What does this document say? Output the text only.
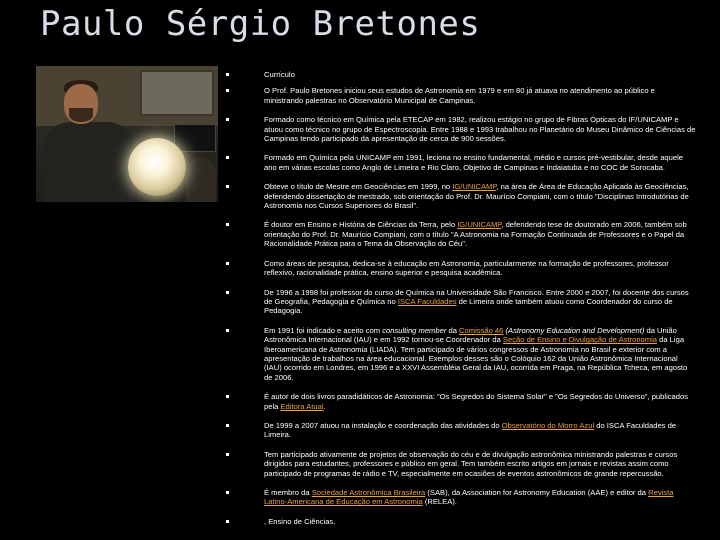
Paulo Sérgio Bretones
Currículo
O Prof. Paulo Bretones iniciou seus estudos de Astronomia em 1979 e em 80 já atuava no atendimento ao público e ministrando palestras no Observatório Municipal de Campinas.
Formado como técnico em Química pela ETECAP em 1982, realizou estágio no grupo de Fibras Ópticas do IF/UNICAMP e atuou como técnico no grupo de Espectroscopia. Entre 1988 e 1993 trabalhou no Planetário do Museu Dinâmico de Ciências de Campinas tendo participado da apresentação de cerca de 900 sessões.
Formado em Química pela UNICAMP em 1991, leciona no ensino fundamental, médio e cursos pré-vestibular, desde aquele ano em várias escolas como Anglo de Limeira e Rio Claro, Objetivo de Campinas e Indaiatuba e no COC de Sorocaba.
Obteve o título de Mestre em Geociências em 1999, no IG/UNICAMP, na área de Área de Educação Aplicada às Geociências, defendendo dissertação de mestrado, sob orientação do Prof. Dr. Maurício Compiani, com o título "Disciplinas Introdutórias de Astronomia nos Cursos Superiores do Brasil".
É doutor em Ensino e História de Ciências da Terra, pelo IG/UNICAMP, defendendo tese de doutorado em 2006, também sob orientação do Prof. Dr. Maurício Compiani, com o título "A Astronomia na Formação Continuada de Professores e o Papel da Racionalidade Prática para o Tema da Observação do Céu".
Como áreas de pesquisa, dedica-se à educação em Astronomia, particularmente na formação de professores, professor reflexivo, racionalidade prática, ensino superior e pesquisa acadêmica.
De 1996 a 1998 foi professor do curso de Química na Universidade São Francisco. Entre 2000 e 2007, foi docente dos cursos de Geografia, Pedagogia e Química no ISCA Faculdades de Limeira onde também atuou como Coordenador do curso de Pedagogia.
Em 1991 foi indicado e aceito com consulting member da Comissão 46 (Astronomy Education and Development) da União Astronômica Internacional (IAU) e em 1992 tornou-se Coordenador da Seção de Ensino e Divulgação de Astronomia da Liga Iberoamericana de Astronomia (LIADA). Tem participado de vários congressos de Astronomia no Brasil e exterior com a apresentação de trabalhos na área educacional. Exemplos desses são o Colóquio 162 da União Astronômica Internacional (IAU) ocorrido em Londres, em 1996 e a XXVI Assembléia Geral da IAU, ocorrida em Praga, na República Tcheca, em agosto de 2006.
É autor de dois livros paradidáticos de Astronomia: "Os Segredos do Sistema Solar" e "Os Segredos do Universo", publicados pela Editora Atual.
De 1999 a 2007 atuou na instalação e coordenação das atividades do Observatório do Morro Azul do ISCA Faculdades de Limeira.
Tem participado ativamente de projetos de observação do céu e de divulgação astronômica ministrando palestras e cursos dirigidos para estudantes, professores e público em geral. Tem também escrito artigos em jornais e revistas assim como participado de programas de rádio e TV, especialmente em ocasiões de eventos astronômicos de grande repercussão.
É membro da Sociedade Astronômica Brasileira (SAB), da Association for Astronomy Education (AAE) e editor da Revista Latino-Americana de Educação em Astronomia (RELEA).
, Ensino de Ciências.
